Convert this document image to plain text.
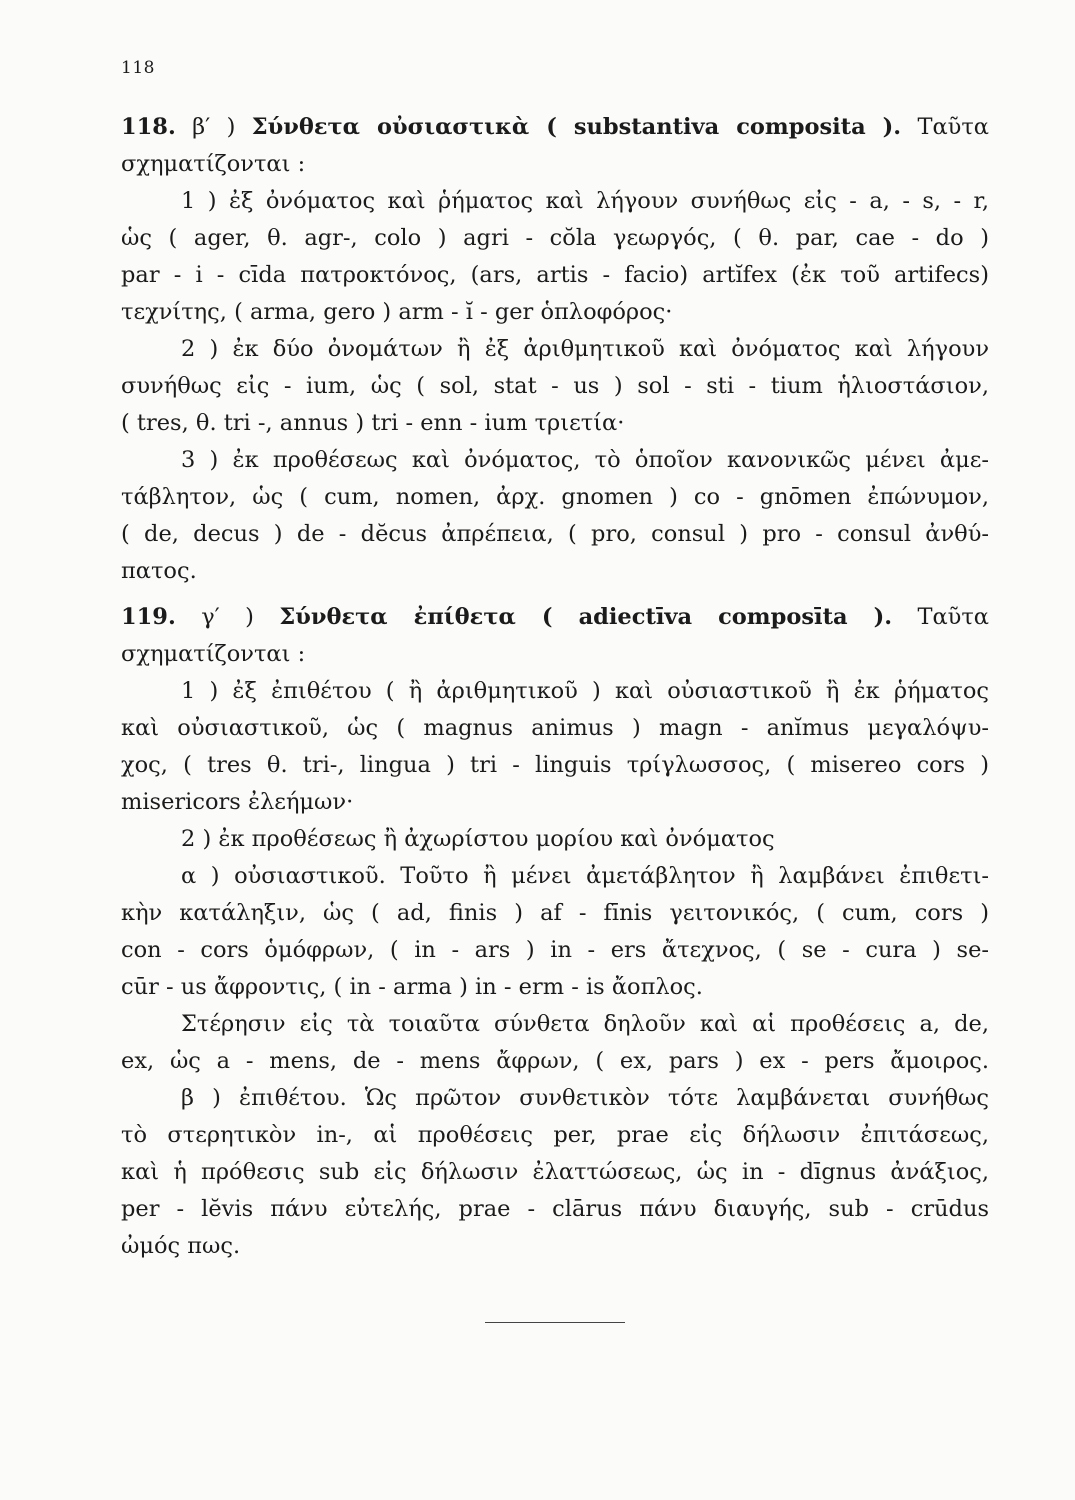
118
118. β′ ) Σύνθετα οὐσιαστικὰ ( substantiva composita ). Ταῦτα
σχηματίζονται :
1 ) ἐξ ὀνόματος καὶ ῥήματος καὶ λήγουν συνήθως εἰς - a, - s, - r,
ὡς ( ager, θ. agr-, colo ) agri - cŏla γεωργός, ( θ. par, cae - do )
par - i - cīda πατροκτόνος, (ars, artis - facio) artĭfex (ἐκ τοῦ artifecs)
τεχνίτης, ( arma, gero ) arm - ĭ - ger ὁπλοφόρος·
2 ) ἐκ δύο ὀνομάτων ἢ ἐξ ἀριθμητικοῦ καὶ ὀνόματος καὶ λήγουν
συνήθως εἰς - ium, ὡς ( sol, stat - us ) sol - sti - tium ἡλιοστάσιον,
( tres, θ. tri -, annus ) tri - enn - ium τριετία·
3 ) ἐκ προθέσεως καὶ ὀνόματος, τὸ ὁποῖον κανονικῶς μένει ἀμε-
τάβλητον, ὡς ( cum, nomen, ἀρχ. gnomen ) co - gnōmen ἐπώνυμον,
( de, decus ) de - dĕcus ἀπρέπεια, ( pro, consul ) pro - consul ἀνθύ-
πατος.
119. γ′ ) Σύνθετα ἐπίθετα ( adiectīva composīta ). Ταῦτα
σχηματίζονται :
1 ) ἐξ ἐπιθέτου ( ἢ ἀριθμητικοῦ ) καὶ οὐσιαστικοῦ ἢ ἐκ ῥήματος
καὶ οὐσιαστικοῦ, ὡς ( magnus animus ) magn - anĭmus μεγαλόψυ-
χος, ( tres θ. tri-, lingua ) tri - linguis τρίγλωσσος, ( misereo cors )
misericors ἐλεήμων·
2 ) ἐκ προθέσεως ἢ ἀχωρίστου μορίου καὶ ὀνόματος
α ) οὐσιαστικοῦ. Τοῦτο ἢ μένει ἀμετάβλητον ἢ λαμβάνει ἐπιθετι-
κὴν κατάληξιν, ὡς ( ad, finis ) af - fīnis γειτονικός, ( cum, cors )
con - cors ὁμόφρων, ( in - ars ) in - ers ἄτεχνος, ( se - cura ) se-
cūr - us ἄφροντις, ( in - arma ) in - erm - is ἄοπλος.
Στέρησιν εἰς τὰ τοιαῦτα σύνθετα δηλοῦν καὶ αἱ προθέσεις a, de,
ex, ὡς a - mens, de - mens ἄφρων, ( ex, pars ) ex - pers ἄμοιρος.
β ) ἐπιθέτου. Ὡς πρῶτον συνθετικὸν τότε λαμβάνεται συνήθως
τὸ στερητικὸν in-, αἱ προθέσεις per, prae εἰς δήλωσιν ἐπιτάσεως,
καὶ ἡ πρόθεσις sub εἰς δήλωσιν ἐλαττώσεως, ὡς in - dīgnus ἀνάξιος,
per - lĕvis πάνυ εὐτελής, prae - clārus πάνυ διαυγής, sub - crūdus
ὠμός πως.
